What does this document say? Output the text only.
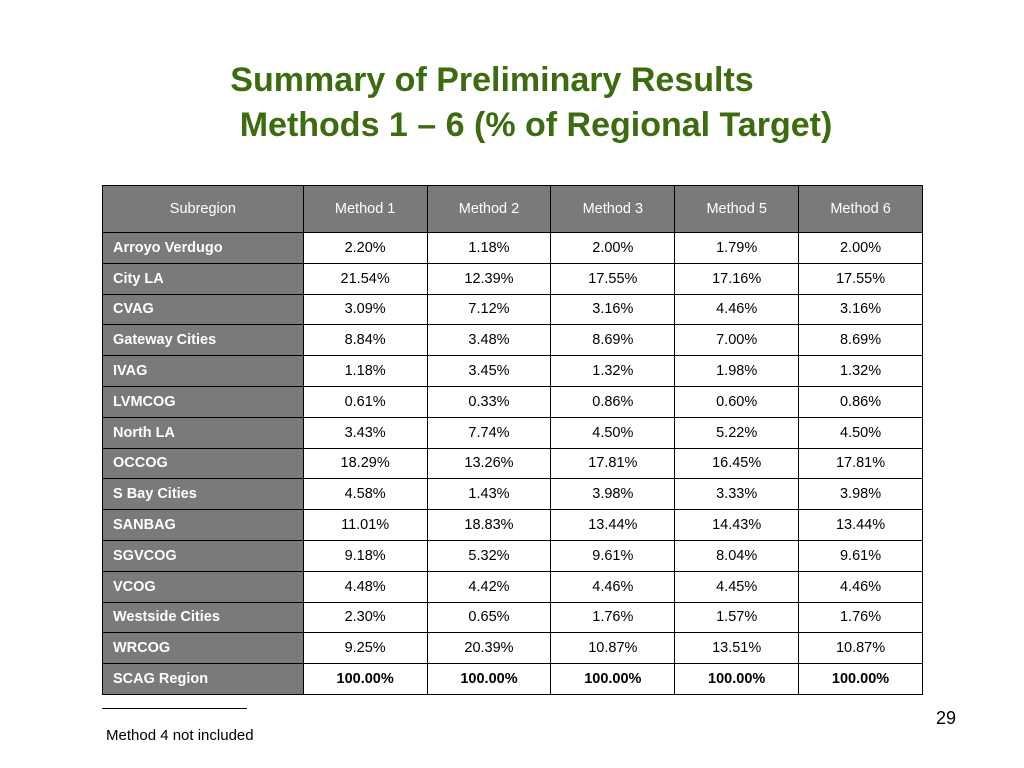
Summary of Preliminary Results
Methods 1 – 6 (% of Regional Target)
Subregion	Method 1	Method 2	Method 3	Method 5	Method 6
Arroyo Verdugo	2.20%	1.18%	2.00%	1.79%	2.00%
City LA	21.54%	12.39%	17.55%	17.16%	17.55%
CVAG	3.09%	7.12%	3.16%	4.46%	3.16%
Gateway Cities	8.84%	3.48%	8.69%	7.00%	8.69%
IVAG	1.18%	3.45%	1.32%	1.98%	1.32%
LVMCOG	0.61%	0.33%	0.86%	0.60%	0.86%
North LA	3.43%	7.74%	4.50%	5.22%	4.50%
OCCOG	18.29%	13.26%	17.81%	16.45%	17.81%
S Bay Cities	4.58%	1.43%	3.98%	3.33%	3.98%
SANBAG	11.01%	18.83%	13.44%	14.43%	13.44%
SGVCOG	9.18%	5.32%	9.61%	8.04%	9.61%
VCOG	4.48%	4.42%	4.46%	4.45%	4.46%
Westside Cities	2.30%	0.65%	1.76%	1.57%	1.76%
WRCOG	9.25%	20.39%	10.87%	13.51%	10.87%
SCAG Region	100.00%	100.00%	100.00%	100.00%	100.00%
Method 4 not included
29
